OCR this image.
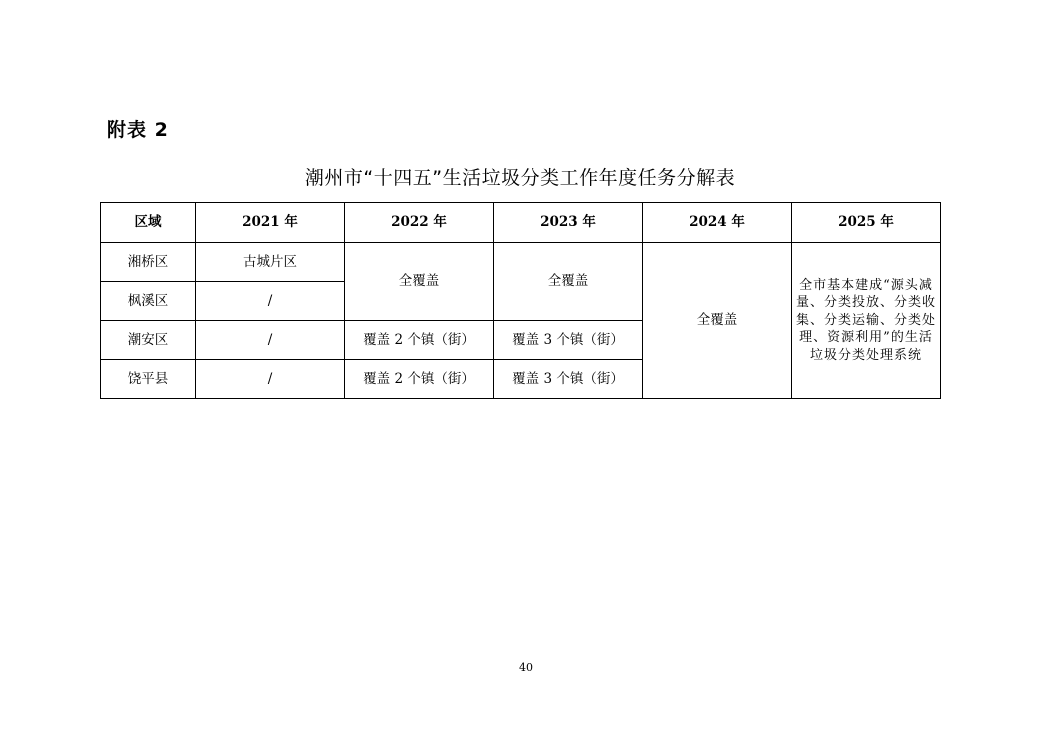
附表 2
潮州市“十四五”生活垃圾分类工作年度任务分解表
区域	2021 年	2022 年	2023 年	2024 年	2025 年
湘桥区	古城片区	全覆盖	全覆盖	全覆盖	全市基本建成“源头减量、分类投放、分类收集、分类运输、分类处理、资源利用”的生活垃圾分类处理系统
枫溪区	/				
潮安区	/	覆盖 2 个镇（街）	覆盖 3 个镇（街）		
饶平县	/	覆盖 2 个镇（街）	覆盖 3 个镇（街）		
40
